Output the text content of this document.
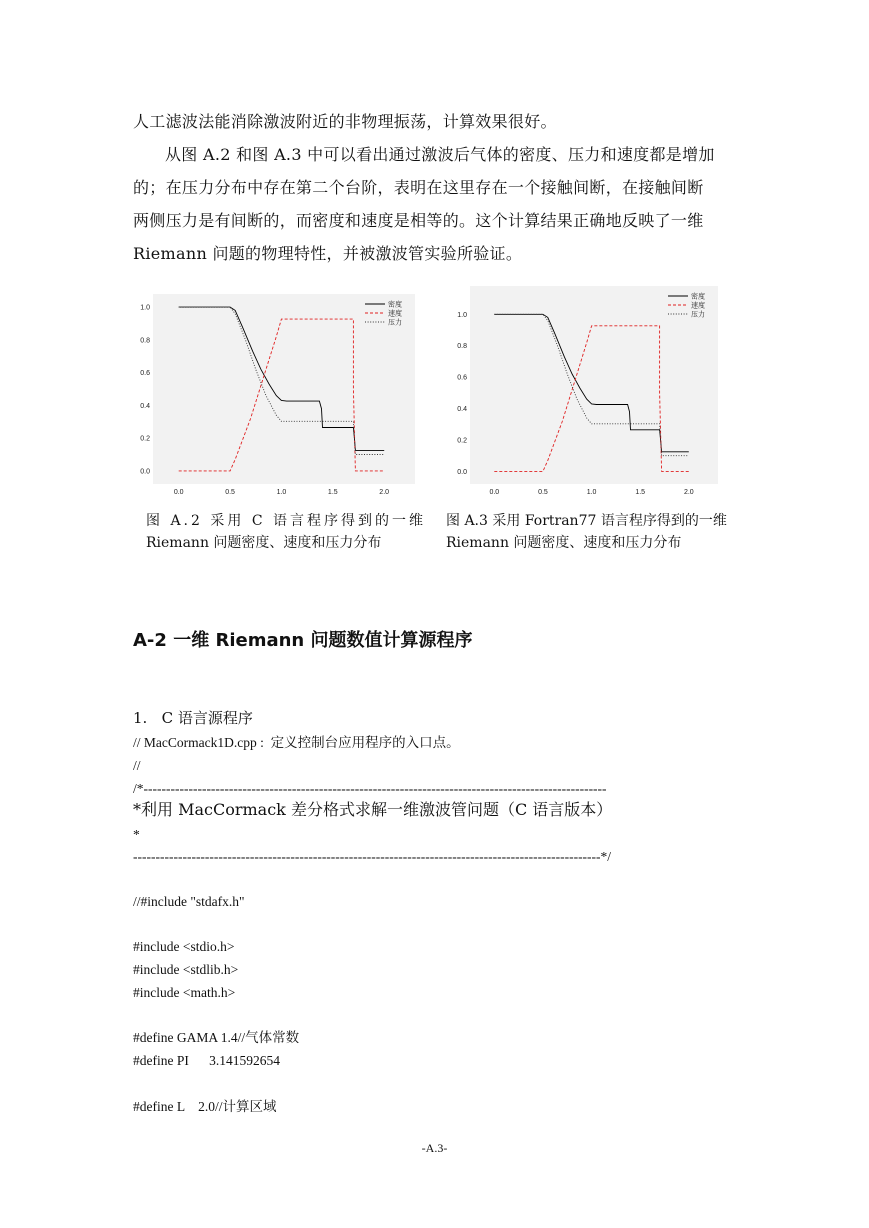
人工滤波法能消除激波附近的非物理振荡，计算效果很好。
从图 A.2 和图 A.3 中可以看出通过激波后气体的密度、压力和速度都是增加
的；在压力分布中存在第二个台阶，表明在这里存在一个接触间断，在接触间断
两侧压力是有间断的，而密度和速度是相等的。这个计算结果正确地反映了一维
Riemann 问题的物理特性，并被激波管实验所验证。
0.0
0.2
0.4
0.6
0.8
1.0
0.0	0.5	1.0	1.5	2.0
密度
速度
压力
0.0
0.2
0.4
0.6
0.8
1.0
0.0	0.5	1.0	1.5	2.0
密度
速度
压力
图 A.2 采用 C 语言程序得到的一维
Riemann 问题密度、速度和压力分布
图 A.3 采用 Fortran77 语言程序得到的一维
Riemann 问题密度、速度和压力分布
A-2 一维 Riemann 问题数值计算源程序
1.   C 语言源程序
// MacCormack1D.cpp :  定义控制台应用程序的入口点。
//
/*-------------------------------------------------------------------------------------------------------
*利用 MacCormack 差分格式求解一维激波管问题（C 语言版本）
*
--------------------------------------------------------------------------------------------------------*/
//#include "stdafx.h"
#include <stdio.h>
#include <stdlib.h>
#include <math.h>
#define GAMA 1.4//气体常数
#define PI      3.141592654
#define L    2.0//计算区域
-A.3-
